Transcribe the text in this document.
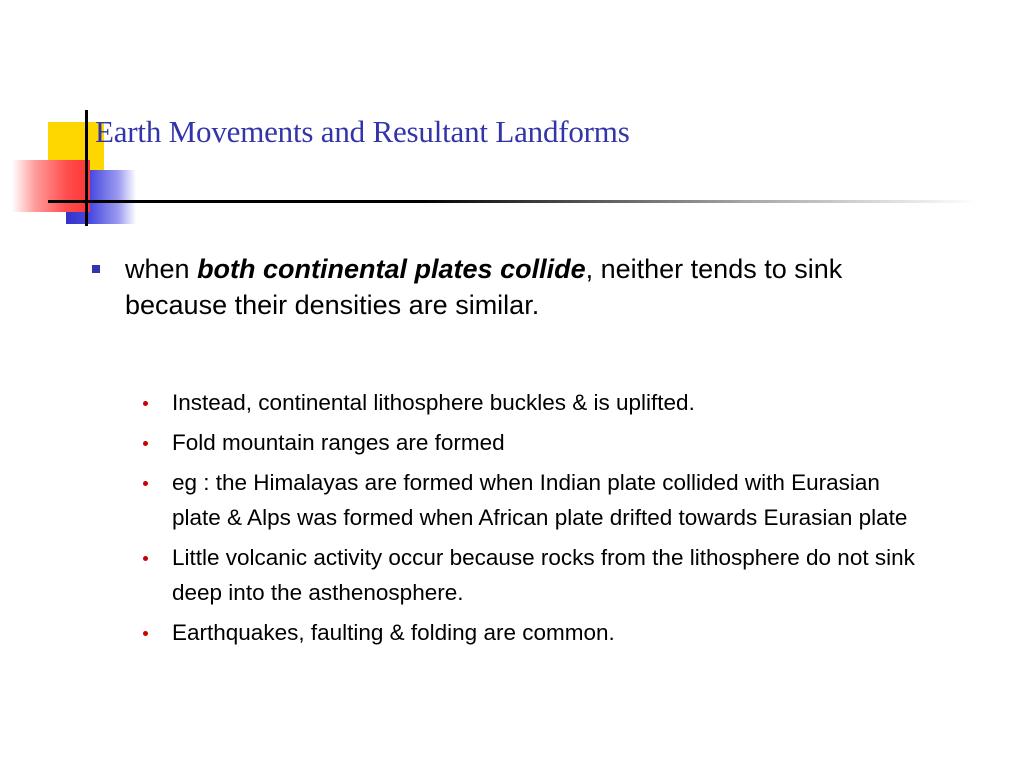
Earth Movements and Resultant Landforms
when both continental plates collide, neither tends to sink because their densities are similar.
Instead, continental lithosphere buckles & is uplifted.
Fold mountain ranges are formed
eg : the Himalayas are formed when Indian plate collided with Eurasian plate & Alps was formed when African plate drifted towards Eurasian plate
Little volcanic activity occur because rocks from the lithosphere do not sink deep into the asthenosphere.
Earthquakes, faulting & folding are common.
